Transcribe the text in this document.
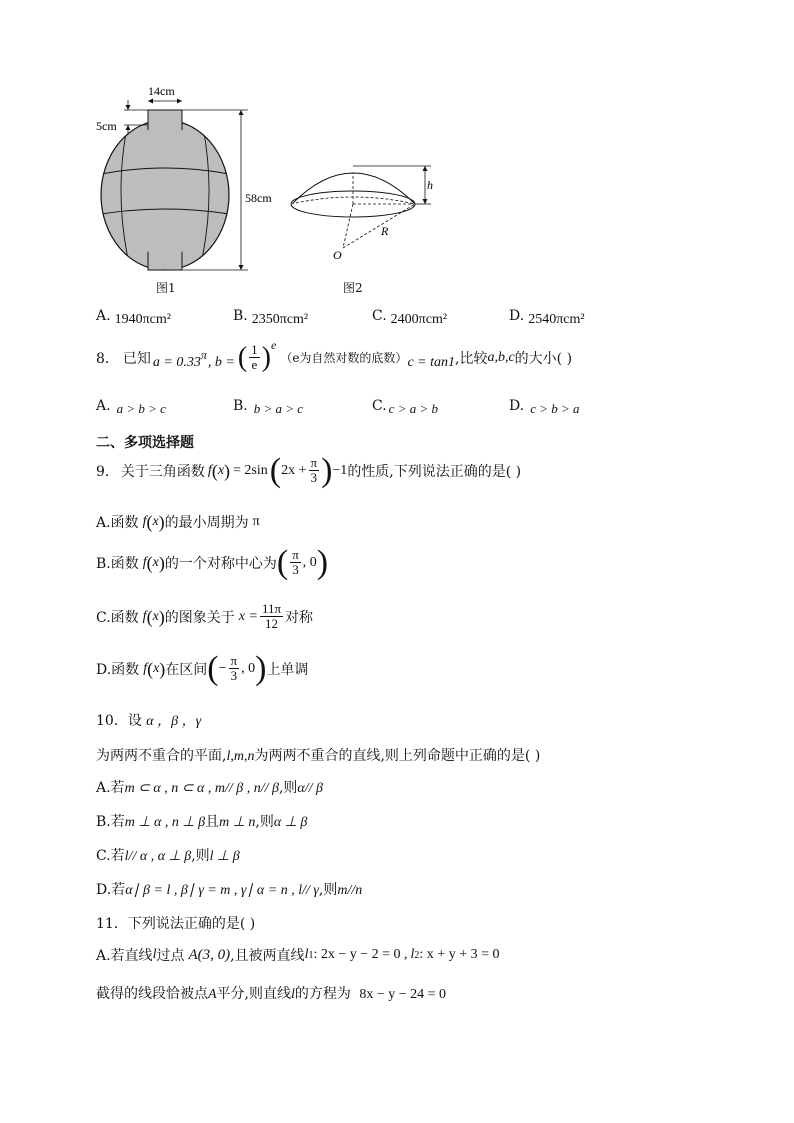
14cm
5cm
58cm
图1
h
R
O
图2
A. 1940πcm²	B. 2350πcm²	C. 2400πcm²	D. 2540πcm²
8． 已知 $a = 0.33^\pi$ , b = ( $\frac{1}{e} )^e$
（e为自然对数的底数） c = tan1 ,比较 a,b,c 的大小( )
A. a > b > c	B. b > a > c	C. c > a > b	D. c > b > a
二、多项选择题
9． 关于三角函数 f ( x ) = 2sin ( $2x + \frac{\pi}{3}$ ) −1 的性质,下列说法正确的是( )
A.函数 f ( x ) 的最小周期为 π
B.函数 f ( x ) 的一个对称中心为 ( $\frac{\pi}{3}$ , 0 )
C.函数 f ( x ) 的图象关于 $x = \frac{11\pi}{12}$ 对称
D.函数 f ( x ) 在区间 ( − $\frac{\pi}{3}$ , 0 ) 上单调
10．设 α ，β ，γ
为两两不重合的平面,l,m,n为两两不重合的直线,则上列命题中正确的是( )
A.若m ⊂ α , n ⊂ α , m// β , n// β,则α// β
B.若m ⊥ α , n ⊥ β且m ⊥ n,则α ⊥ β
C.若l// α , α ⊥ β,则l ⊥ β
D.若α∣ β = l , β∣ γ = m , γ∣ α = n , l// γ,则m//n
11．下列说法正确的是( )
A.若直线 l 过点 A(3, 0) ,且被两直线 l 1 : 2x − y − 2 = 0 , l 2 : x + y + 3 = 0
截得的线段恰被点A平分,则直线l的方程为 8x − y − 24 = 0
